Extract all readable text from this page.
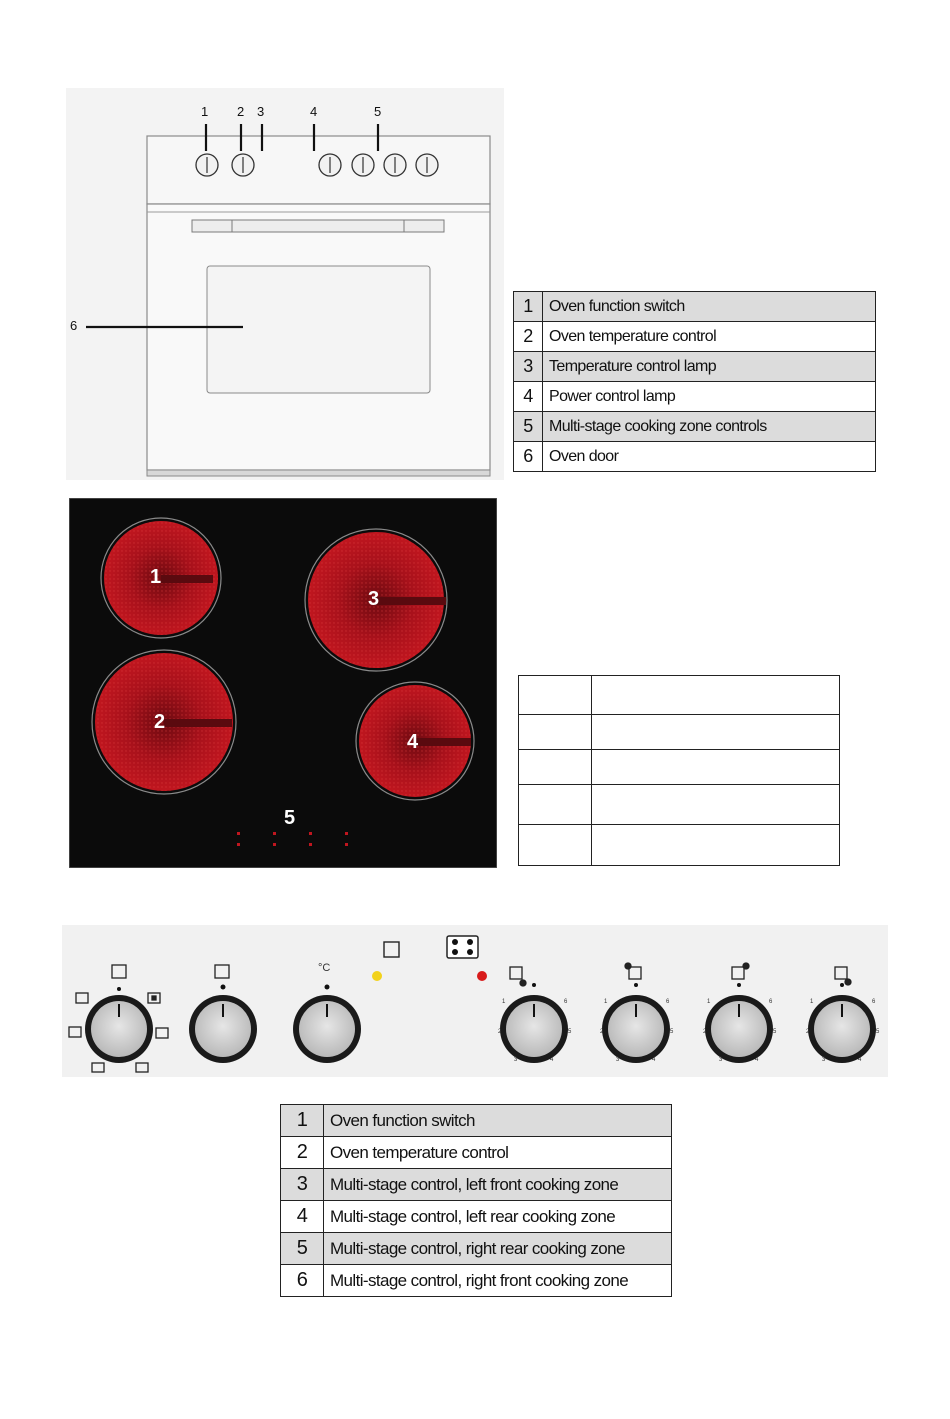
1 2 3	4	5
6
1	Oven function switch
2	Oven temperature control
3	Temperature control lamp
4	Power control lamp
5	Multi-stage cooking zone controls
6	Oven door
1
3
2
4
5

1
2
3	4
5
6	1
2
3	4
5
6	1
2
3	4
5
6	1
2
3	4
5
6
°C
1	Oven function switch
2	Oven temperature control
3	Multi-stage control, left front cooking zone
4	Multi-stage control, left rear cooking zone
5	Multi-stage control, right rear cooking zone
6	Multi-stage control, right front cooking zone
